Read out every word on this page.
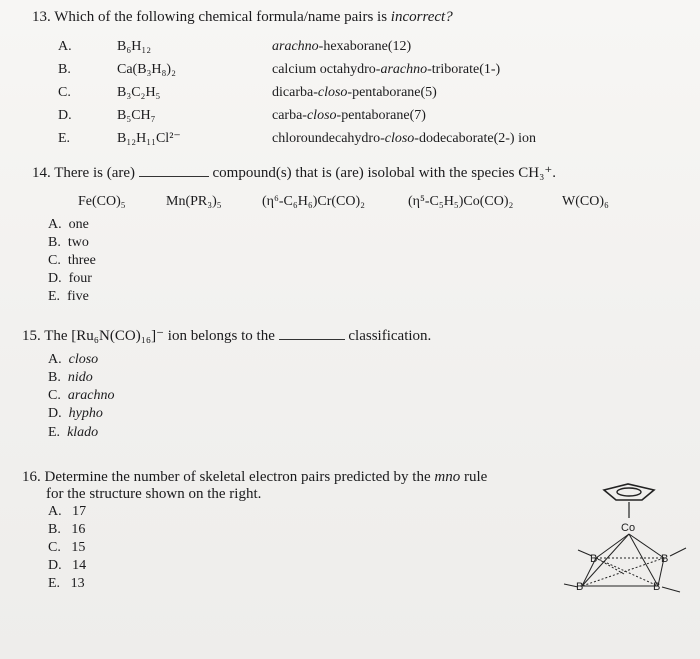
13. Which of the following chemical formula/name pairs is incorrect?
A.	B₆H₁₂	arachno-hexaborane(12)
B.	Ca(B₃H₈)₂	calcium octahydro-arachno-triborate(1-)
C.	B₃C₂H₅	dicarba-closo-pentaborane(5)
D.	B₅CH₇	carba-closo-pentaborane(7)
E.	B₁₂H₁₁Cl²⁻	chloroundecahydro-closo-dodecaborate(2-) ion
14. There is (are)	compound(s) that is (are) isolobal with the species CH₃⁺.
Fe(CO)₅	Mn(PR₃)₅	(η⁶-C₆H₆)Cr(CO)₂	(η⁵-C₅H₅)Co(CO)₂	W(CO)₆
A. one
B. two
C. three
D. four
E. five
15. The [Ru₆N(CO)₁₆]⁻ ion belongs to the	classification.
A. closo
B. nido
C. arachno
D. hypho
E. klado
16. Determine the number of skeletal electron pairs predicted by the mno rule
for the structure shown on the right.
A. 17
B. 16
C. 15
D. 14
E. 13
Co
B	B
B	B
